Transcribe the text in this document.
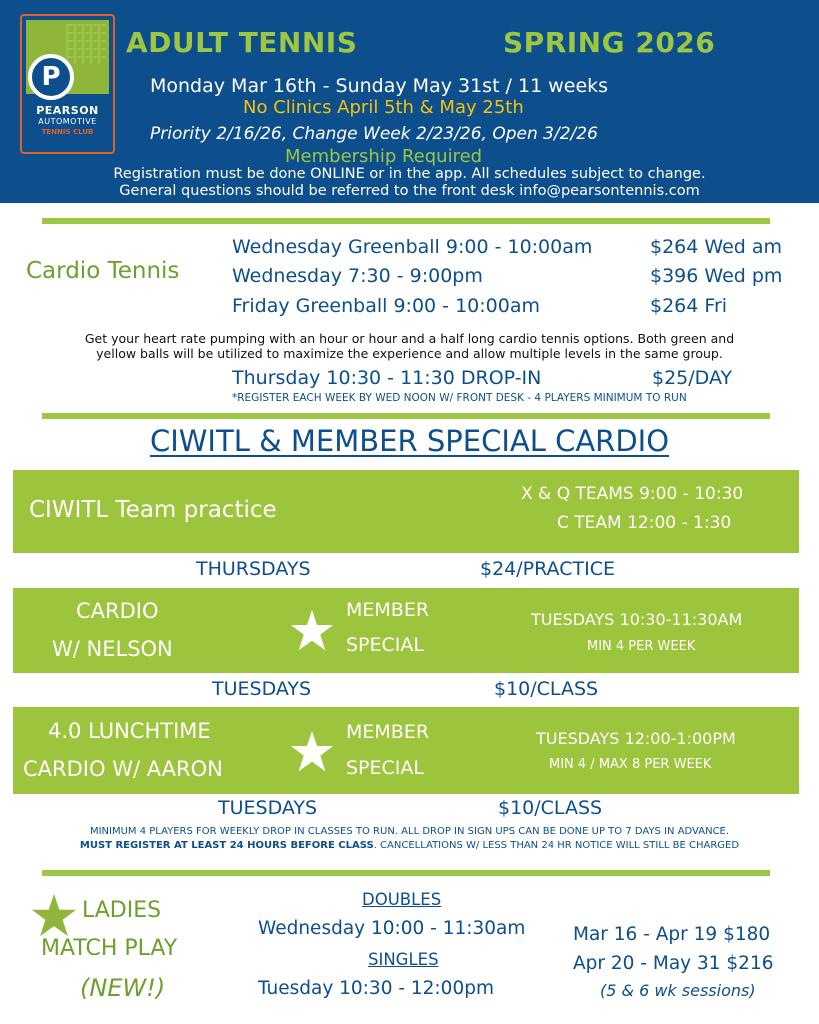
P
PEARSON
AUTOMOTIVE
TENNIS CLUB
ADULT TENNIS	SPRING 2026
Monday Mar 16th - Sunday May 31st / 11 weeks
No Clinics April 5th & May 25th
Priority 2/16/26, Change Week 2/23/26, Open 3/2/26
Membership Required
Registration must be done ONLINE or in the app. All schedules subject to change.
General questions should be referred to the front desk info@pearsontennis.com
Cardio Tennis
Wednesday Greenball 9:00 - 10:00am	$264 Wed am
Wednesday 7:30 - 9:00pm	$396 Wed pm
Friday Greenball 9:00 - 10:00am	$264 Fri
Get your heart rate pumping with an hour or hour and a half long cardio tennis options. Both green and
yellow balls will be utilized to maximize the experience and allow multiple levels in the same group.
Thursday 10:30 - 11:30 DROP-IN	$25/DAY
*REGISTER EACH WEEK BY WED NOON W/ FRONT DESK - 4 PLAYERS MINIMUM TO RUN
CIWITL & MEMBER SPECIAL CARDIO
CIWITL Team practice
X & Q TEAMS 9:00 - 10:30
C TEAM 12:00 - 1:30
THURSDAYS	$24/PRACTICE
CARDIO
W/ NELSON
MEMBER
SPECIAL
TUESDAYS 10:30-11:30AM
MIN 4 PER WEEK
TUESDAYS	$10/CLASS
4.0 LUNCHTIME
CARDIO W/ AARON
MEMBER
SPECIAL
TUESDAYS 12:00-1:00PM
MIN 4 / MAX 8 PER WEEK
TUESDAYS	$10/CLASS
MINIMUM 4 PLAYERS FOR WEEKLY DROP IN CLASSES TO RUN. ALL DROP IN SIGN UPS CAN BE DONE UP TO 7 DAYS IN ADVANCE.
MUST REGISTER AT LEAST 24 HOURS BEFORE CLASS. CANCELLATIONS W/ LESS THAN 24 HR NOTICE WILL STILL BE CHARGED
LADIES
MATCH PLAY
(NEW!)
DOUBLES
Wednesday 10:00 - 11:30am
SINGLES
Tuesday 10:30 - 12:00pm
Mar 16 - Apr 19 $180
Apr 20 - May 31 $216
(5 & 6 wk sessions)
